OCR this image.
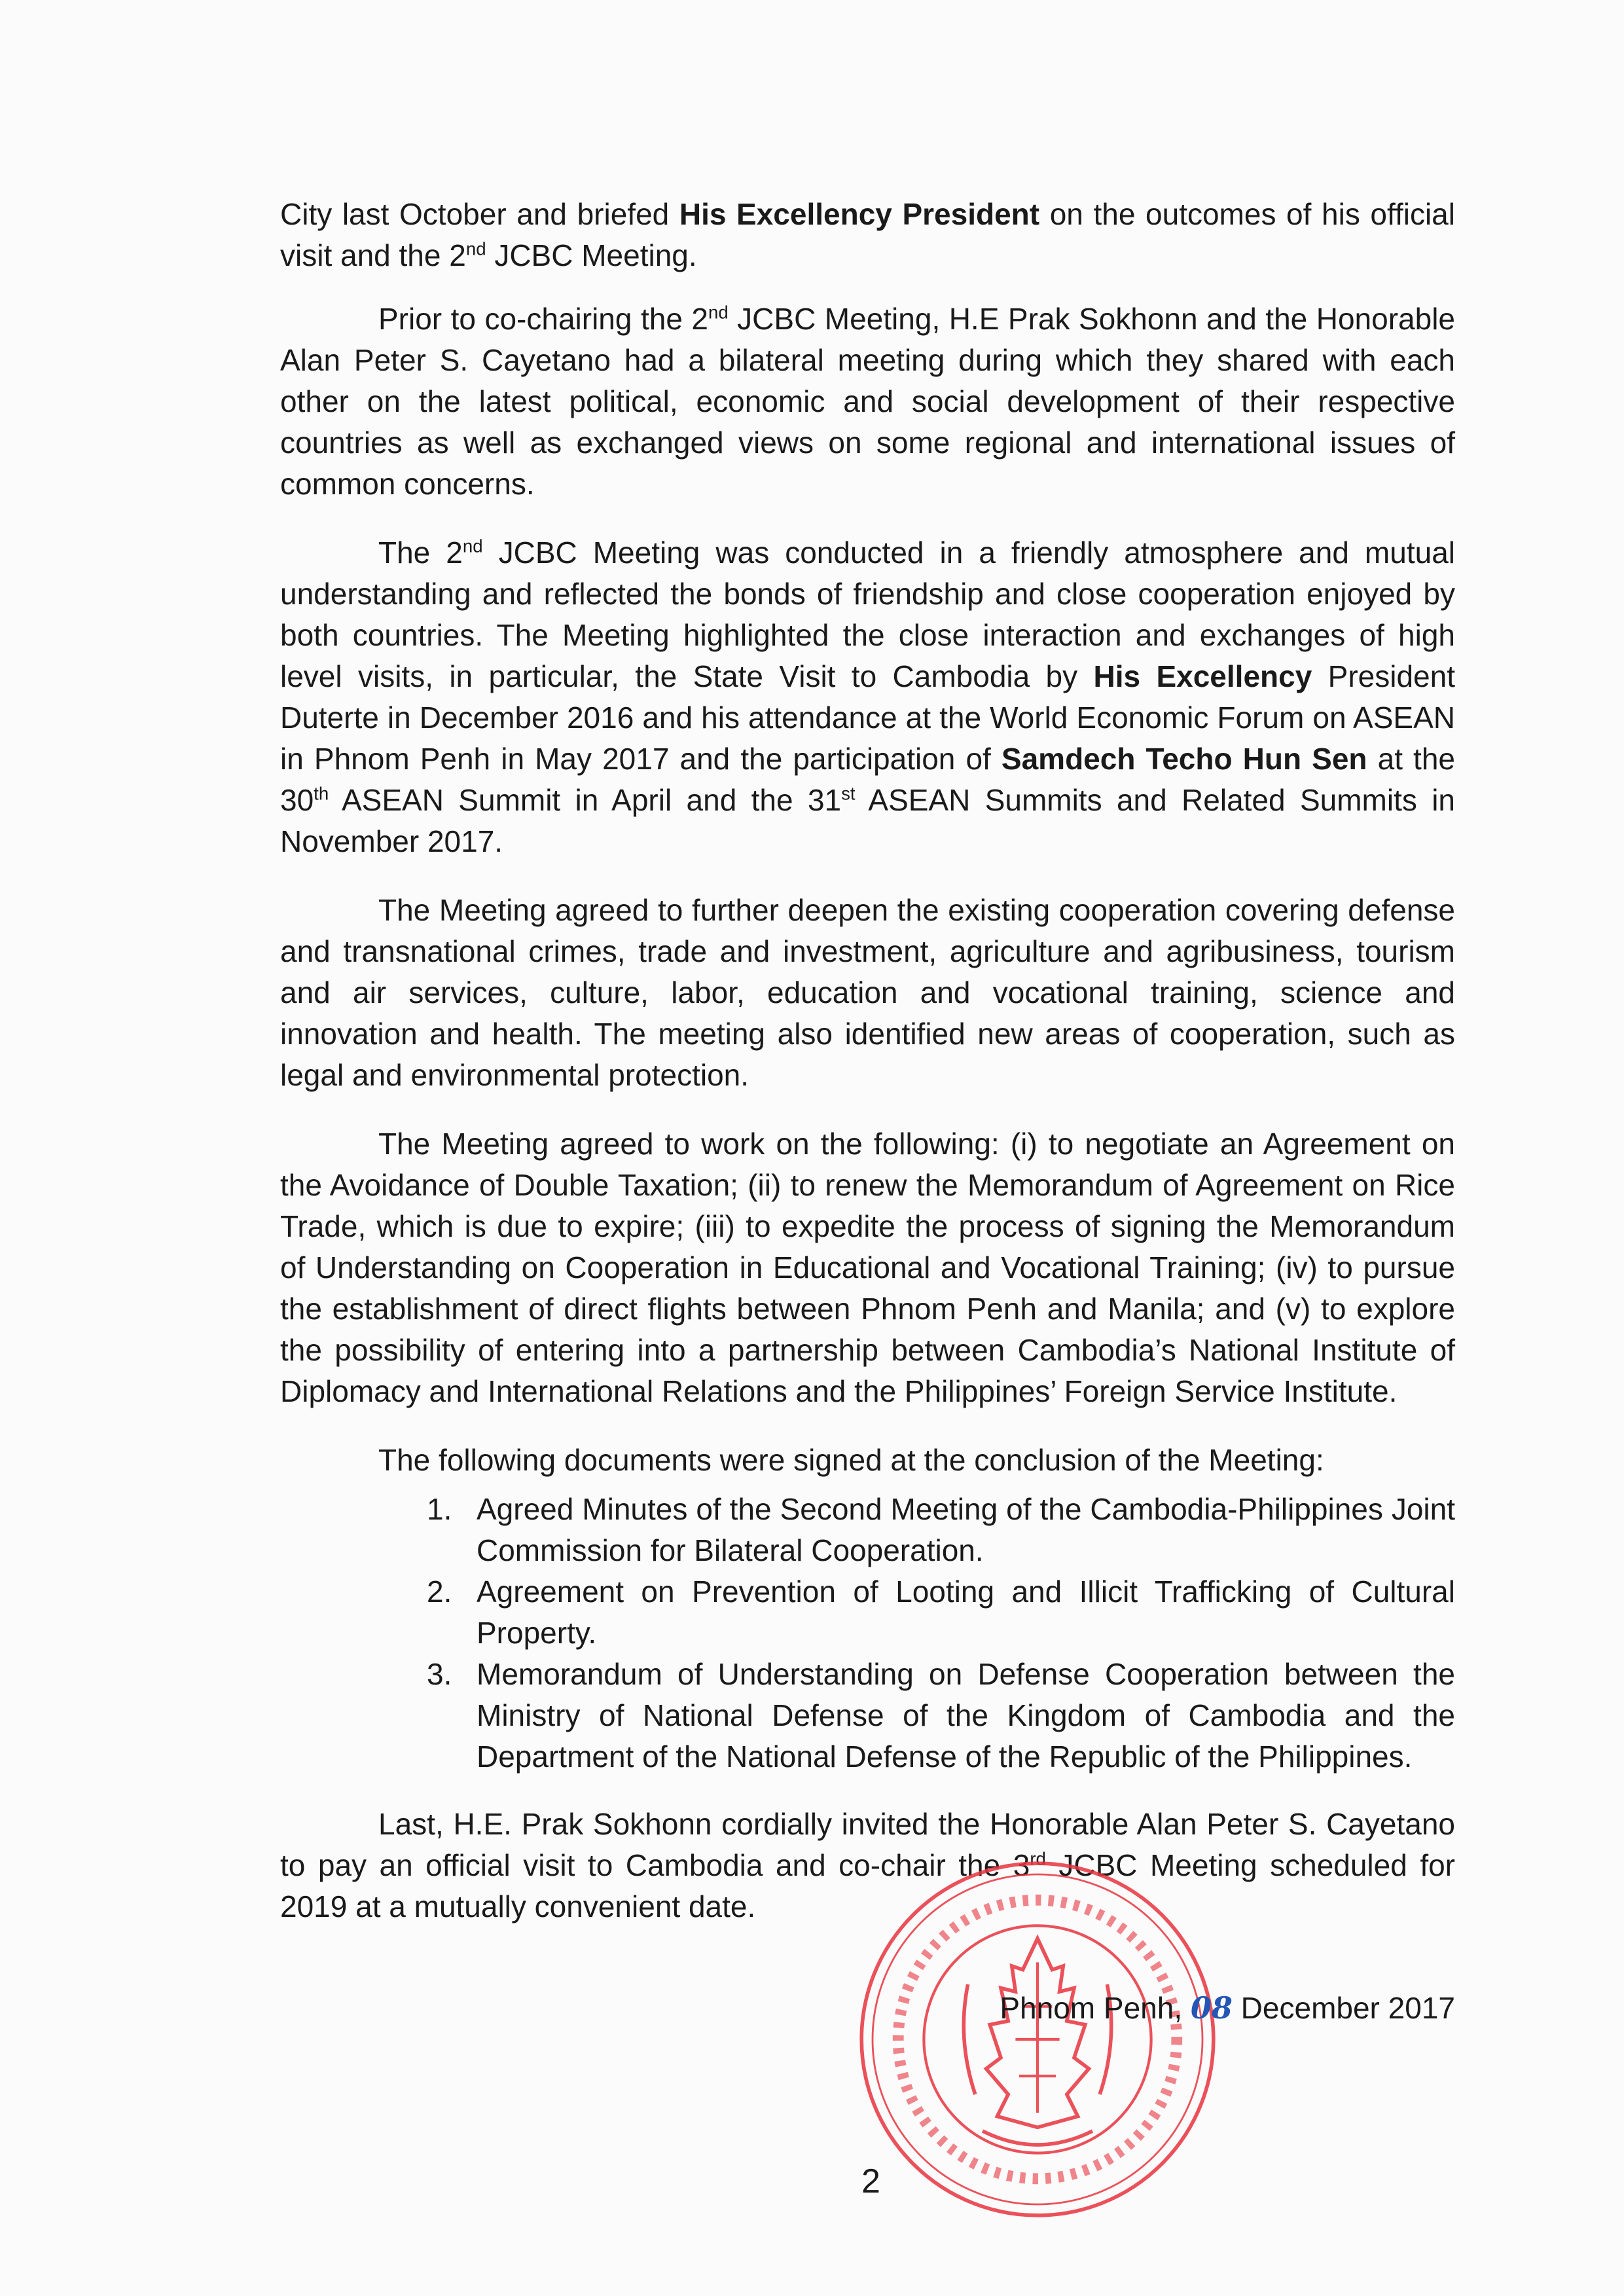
City last October and briefed His Excellency President on the outcomes of his official visit and the 2nd JCBC Meeting.

Prior to co-chairing the 2nd JCBC Meeting, H.E Prak Sokhonn and the Honorable Alan Peter S. Cayetano had a bilateral meeting during which they shared with each other on the latest political, economic and social development of their respective countries as well as exchanged views on some regional and international issues of common concerns.

The 2nd JCBC Meeting was conducted in a friendly atmosphere and mutual understanding and reflected the bonds of friendship and close cooperation enjoyed by both countries. The Meeting highlighted the close interaction and exchanges of high level visits, in particular, the State Visit to Cambodia by His Excellency President Duterte in December 2016 and his attendance at the World Economic Forum on ASEAN in Phnom Penh in May 2017 and the participation of Samdech Techo Hun Sen at the 30th ASEAN Summit in April and the 31st ASEAN Summits and Related Summits in November 2017.

The Meeting agreed to further deepen the existing cooperation covering defense and transnational crimes, trade and investment, agriculture and agribusiness, tourism and air services, culture, labor, education and vocational training, science and innovation and health. The meeting also identified new areas of cooperation, such as legal and environmental protection.

The Meeting agreed to work on the following: (i) to negotiate an Agreement on the Avoidance of Double Taxation; (ii) to renew the Memorandum of Agreement on Rice Trade, which is due to expire; (iii) to expedite the process of signing the Memorandum of Understanding on Cooperation in Educational and Vocational Training; (iv) to pursue the establishment of direct flights between Phnom Penh and Manila; and (v) to explore the possibility of entering into a partnership between Cambodia’s National Institute of Diplomacy and International Relations and the Philippines’ Foreign Service Institute.

The following documents were signed at the conclusion of the Meeting:

Agreed Minutes of the Second Meeting of the Cambodia-Philippines Joint Commission for Bilateral Cooperation.
Agreement on Prevention of Looting and Illicit Trafficking of Cultural Property.
Memorandum of Understanding on Defense Cooperation between the Ministry of National Defense of the Kingdom of Cambodia and the Department of the National Defense of the Republic of the Philippines.

Last, H.E. Prak Sokhonn cordially invited the Honorable Alan Peter S. Cayetano to pay an official visit to Cambodia and co-chair the 3rd JCBC Meeting scheduled for 2019 at a mutually convenient date.

Phnom Penh, 08 December 2017
2
